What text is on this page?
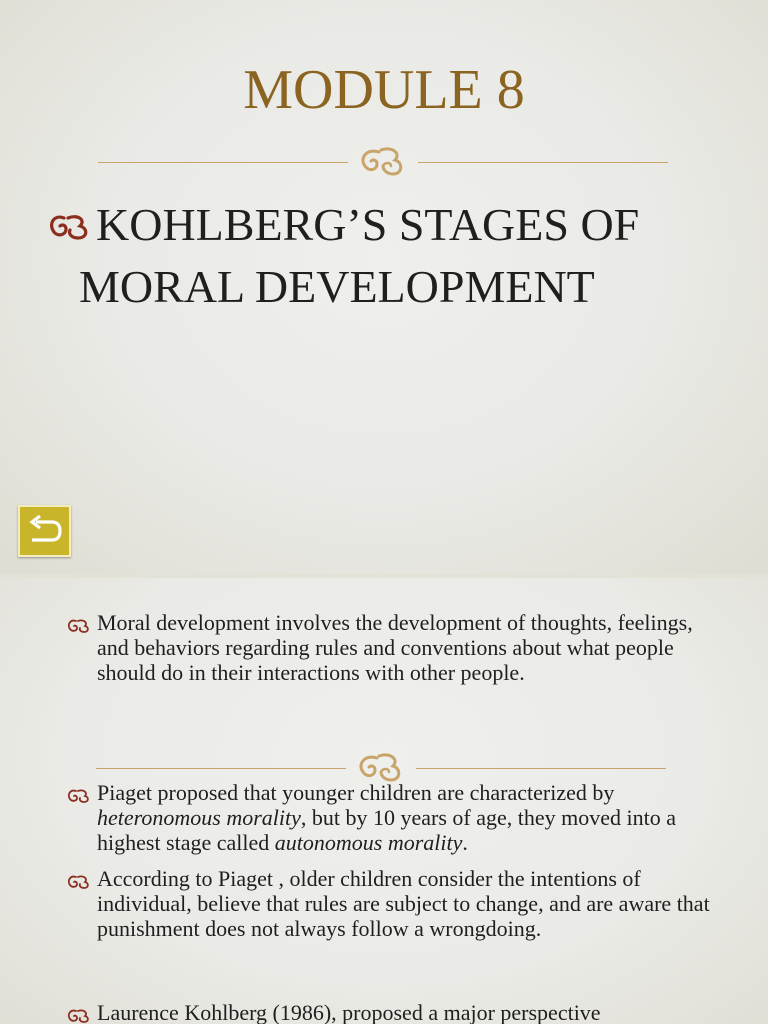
MODULE 8
KOHLBERG’S STAGES OF
MORAL DEVELOPMENT
Moral development involves the development of thoughts, feelings, and behaviors regarding rules and conventions about what people should do in their interactions with other people.
Piaget proposed that younger children are characterized by heteronomous morality, but by 10 years of age, they moved into a highest stage called autonomous morality.
According to Piaget , older children consider the intentions of individual, believe that rules are subject to change, and are aware that punishment does not always follow a wrongdoing.
Laurence Kohlberg (1986), proposed a major perspective
